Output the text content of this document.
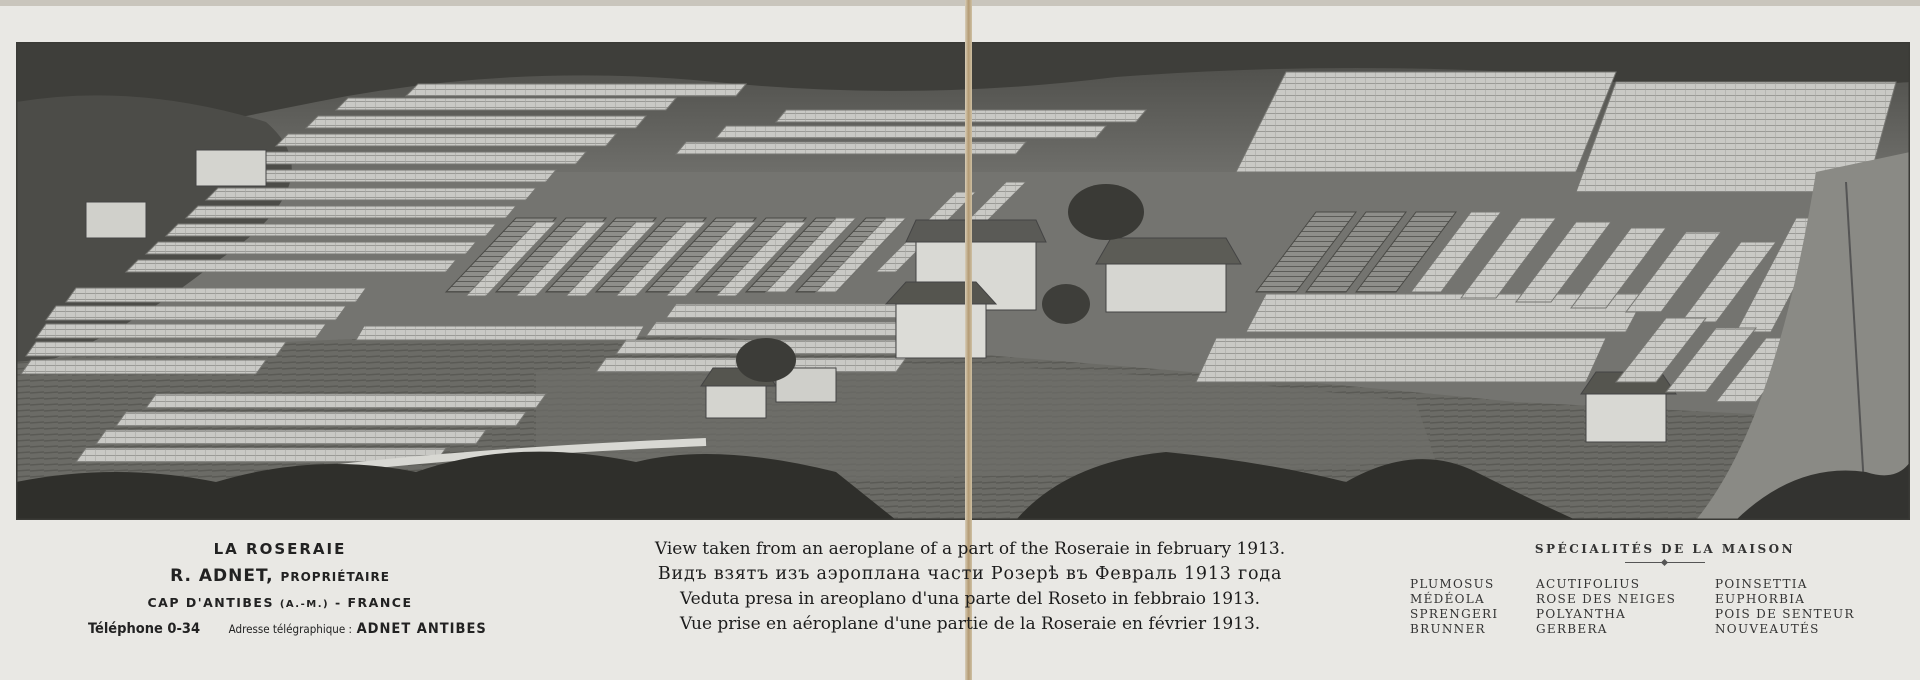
LA ROSERAIE
R. ADNET, PROPRIÉTAIRE
CAP D'ANTIBES (A.-M.) - FRANCE
Téléphone 0-34 Adresse télégraphique : ADNET ANTIBES
View taken from an aeroplane of a part of the Roseraie in february 1913.
Видъ взятъ изъ аэроплана части Розерѣ въ Февраль 1913 года
Veduta presa in areoplano d'una parte del Roseto in febbraio 1913.
Vue prise en aéroplane d'une partie de la Roseraie en février 1913.
SPÉCIALITÉS DE LA MAISON
PLUMOSUS
MÉDÉOLA
SPRENGERI
BRUNNER
ACUTIFOLIUS
ROSE DES NEIGES
POLYANTHA
GERBERA
POINSETTIA
EUPHORBIA
POIS DE SENTEUR
NOUVEAUTÉS
